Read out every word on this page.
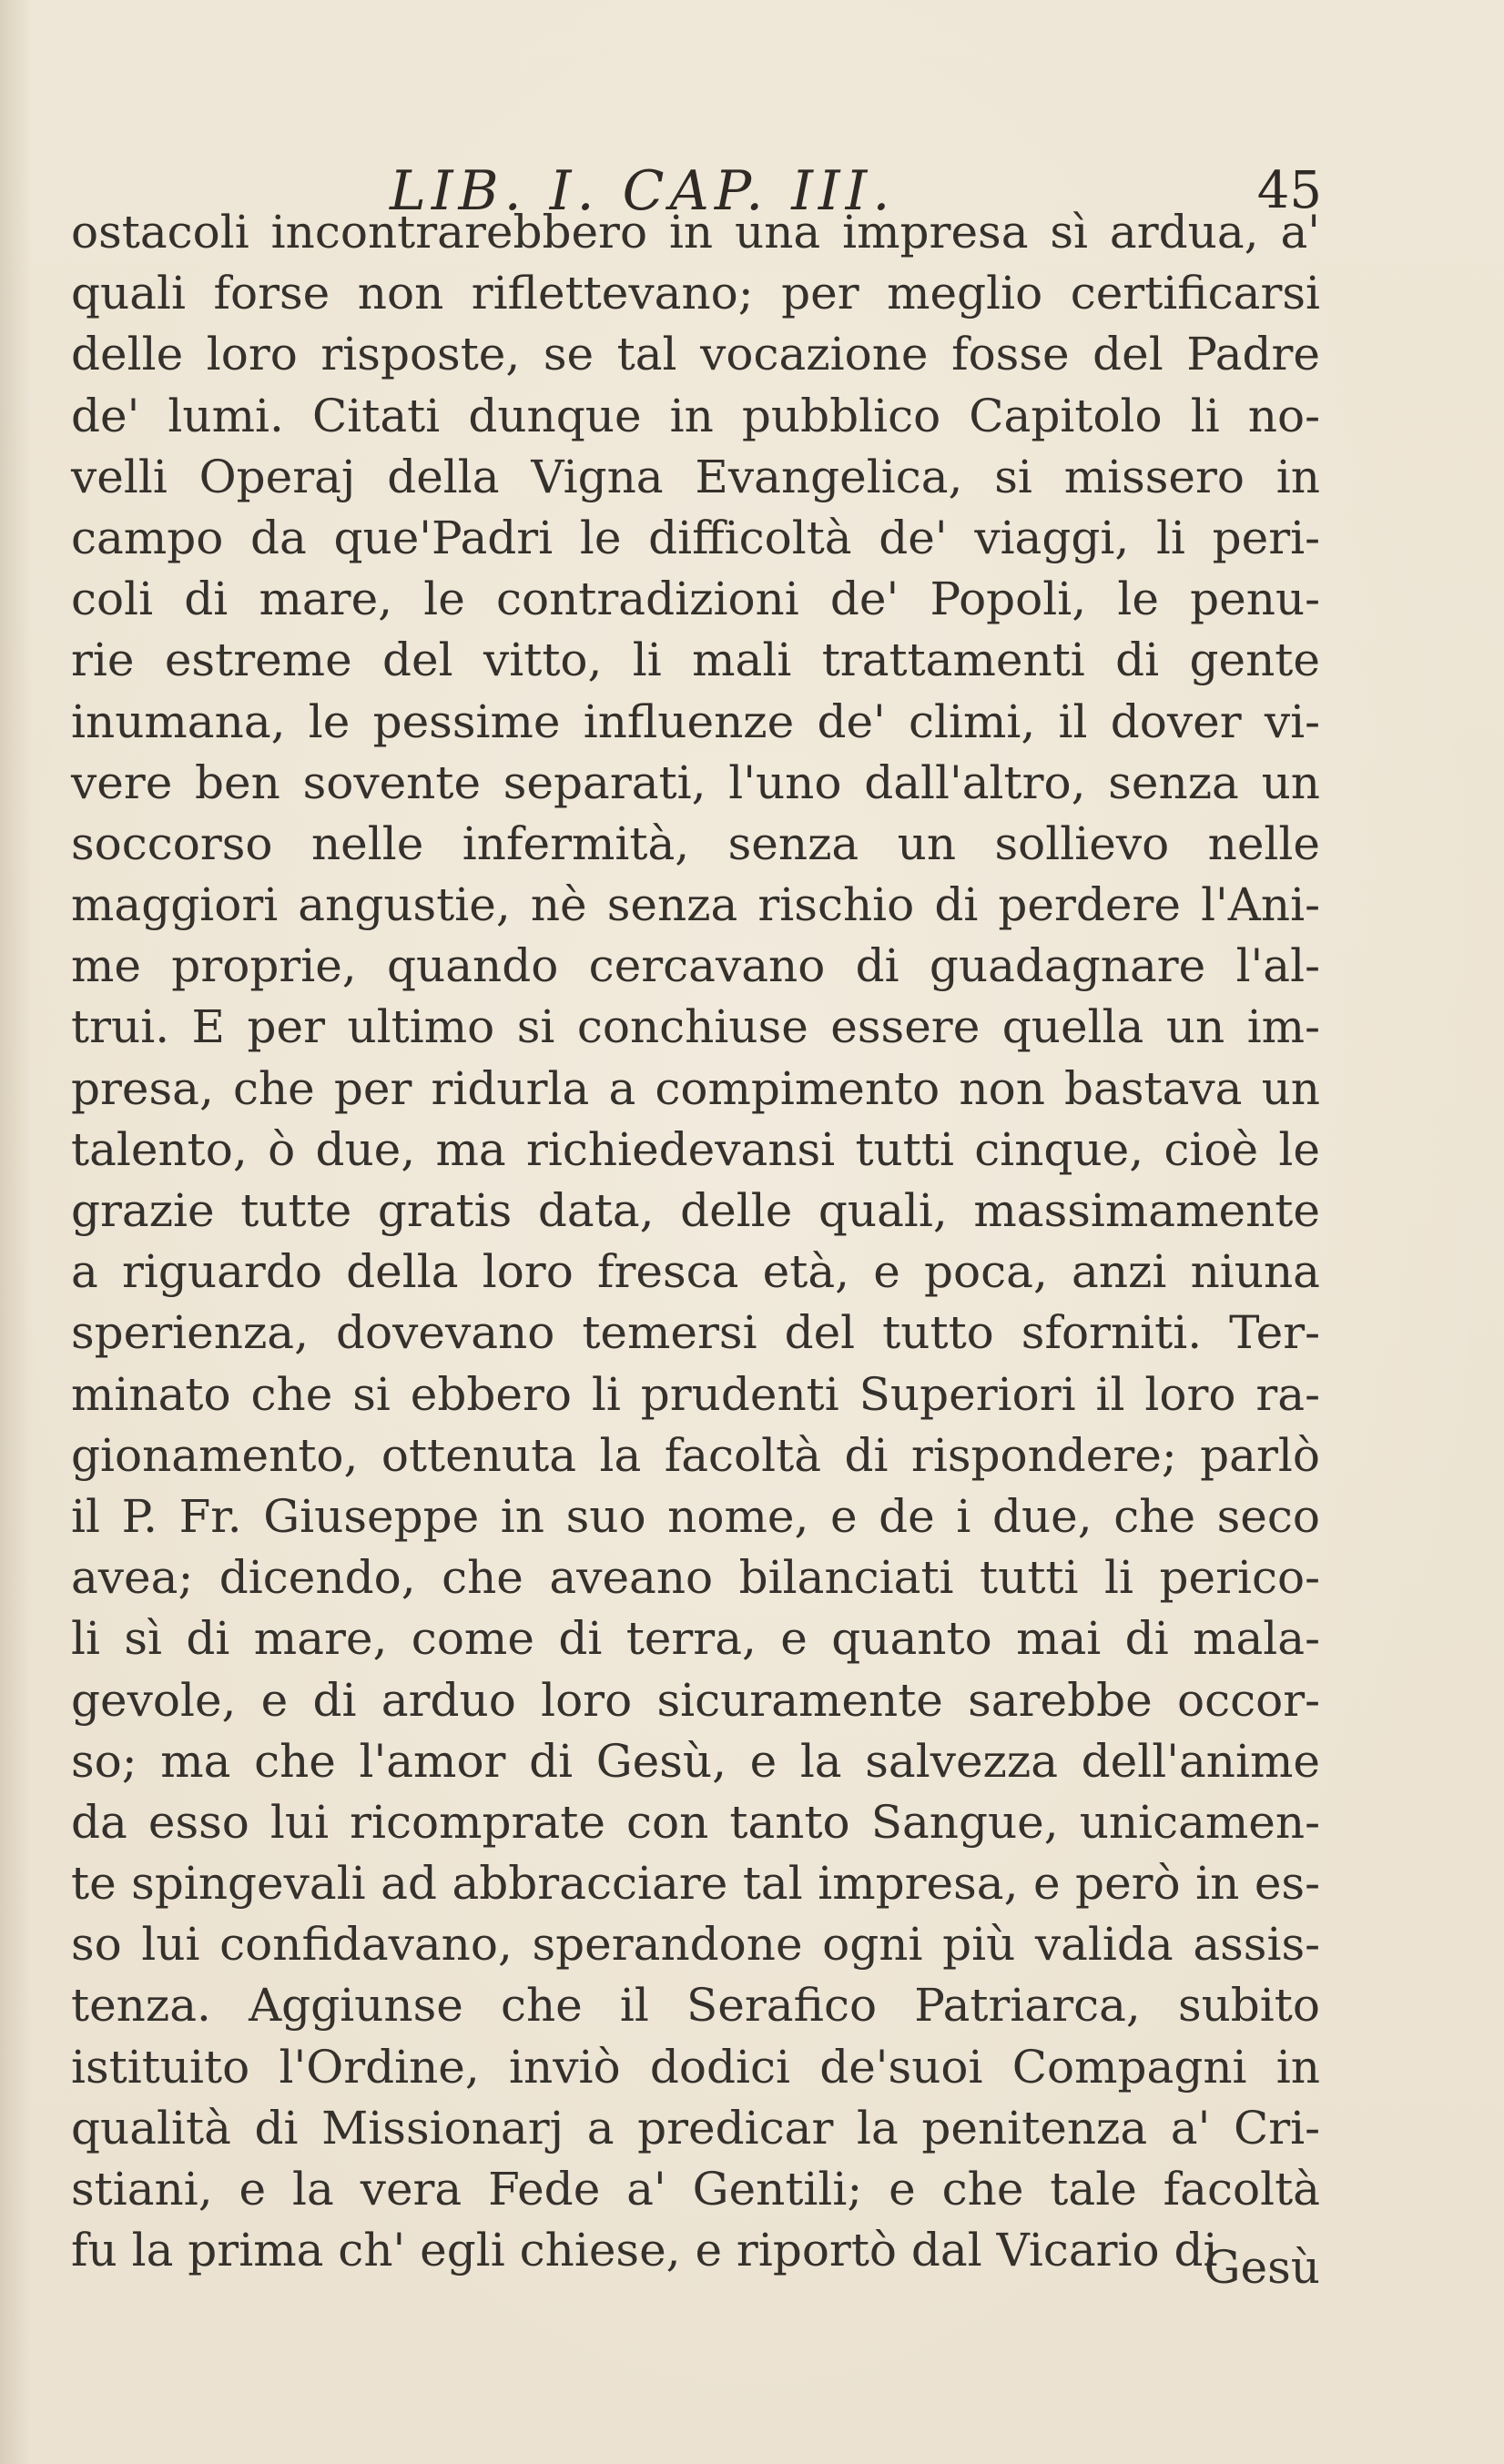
LIB. I. CAP. III.	45
ostacoli incontrarebbero in una impresa sì ardua, a'
quali forse non riflettevano; per meglio certificarsi
delle loro risposte, se tal vocazione fosse del Padre
de' lumi. Citati dunque in pubblico Capitolo li no-
velli Operaj della Vigna Evangelica, si missero in
campo da que'Padri le difficoltà de' viaggi, li peri-
coli di mare, le contradizioni de' Popoli, le penu-
rie estreme del vitto, li mali trattamenti di gente
inumana, le pessime influenze de' climi, il dover vi-
vere ben sovente separati, l'uno dall'altro, senza un
soccorso nelle infermità, senza un sollievo nelle
maggiori angustie, nè senza rischio di perdere l'Ani-
me proprie, quando cercavano di guadagnare l'al-
trui. E per ultimo si conchiuse essere quella un im-
presa, che per ridurla a compimento non bastava un
talento, ò due, ma richiedevansi tutti cinque, cioè le
grazie tutte gratis data, delle quali, massimamente
a riguardo della loro fresca età, e poca, anzi niuna
sperienza, dovevano temersi del tutto sforniti. Ter-
minato che si ebbero li prudenti Superiori il loro ra-
gionamento, ottenuta la facoltà di rispondere; parlò
il P. Fr. Giuseppe in suo nome, e de i due, che seco
avea; dicendo, che aveano bilanciati tutti li perico-
li sì di mare, come di terra, e quanto mai di mala-
gevole, e di arduo loro sicuramente sarebbe occor-
so; ma che l'amor di Gesù, e la salvezza dell'anime
da esso lui ricomprate con tanto Sangue, unicamen-
te spingevali ad abbracciare tal impresa, e però in es-
so lui confidavano, sperandone ogni più valida assis-
tenza. Aggiunse che il Serafico Patriarca, subito
istituito l'Ordine, inviò dodici de'suoi Compagni in
qualità di Missionarj a predicar la penitenza a' Cri-
stiani, e la vera Fede a' Gentili; e che tale facoltà
fu la prima ch' egli chiese, e riportò dal Vicario di
Gesù
